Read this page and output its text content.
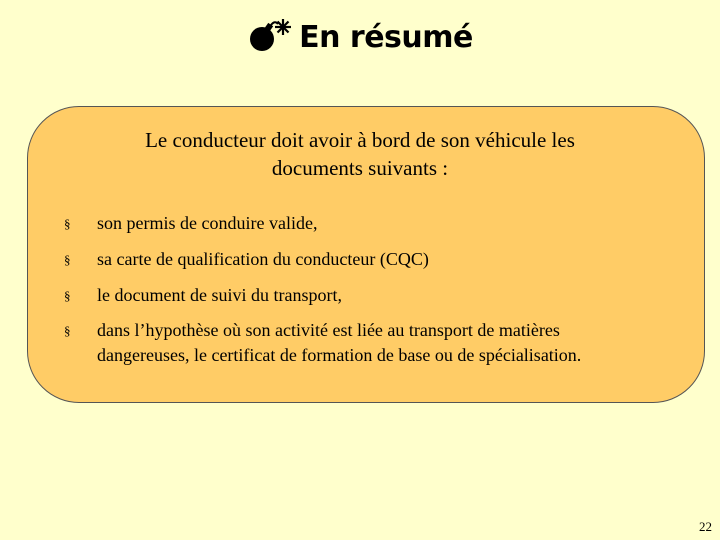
En résumé
Le conducteur doit avoir à bord de son véhicule les
documents suivants :
§ son permis de conduire valide,
§ sa carte de qualification du conducteur (CQC)
§ le document de suivi du transport,
§ dans l’hypothèse où son activité est liée au transport de matières
dangereuses, le certificat de formation de base ou de spécialisation.
22
